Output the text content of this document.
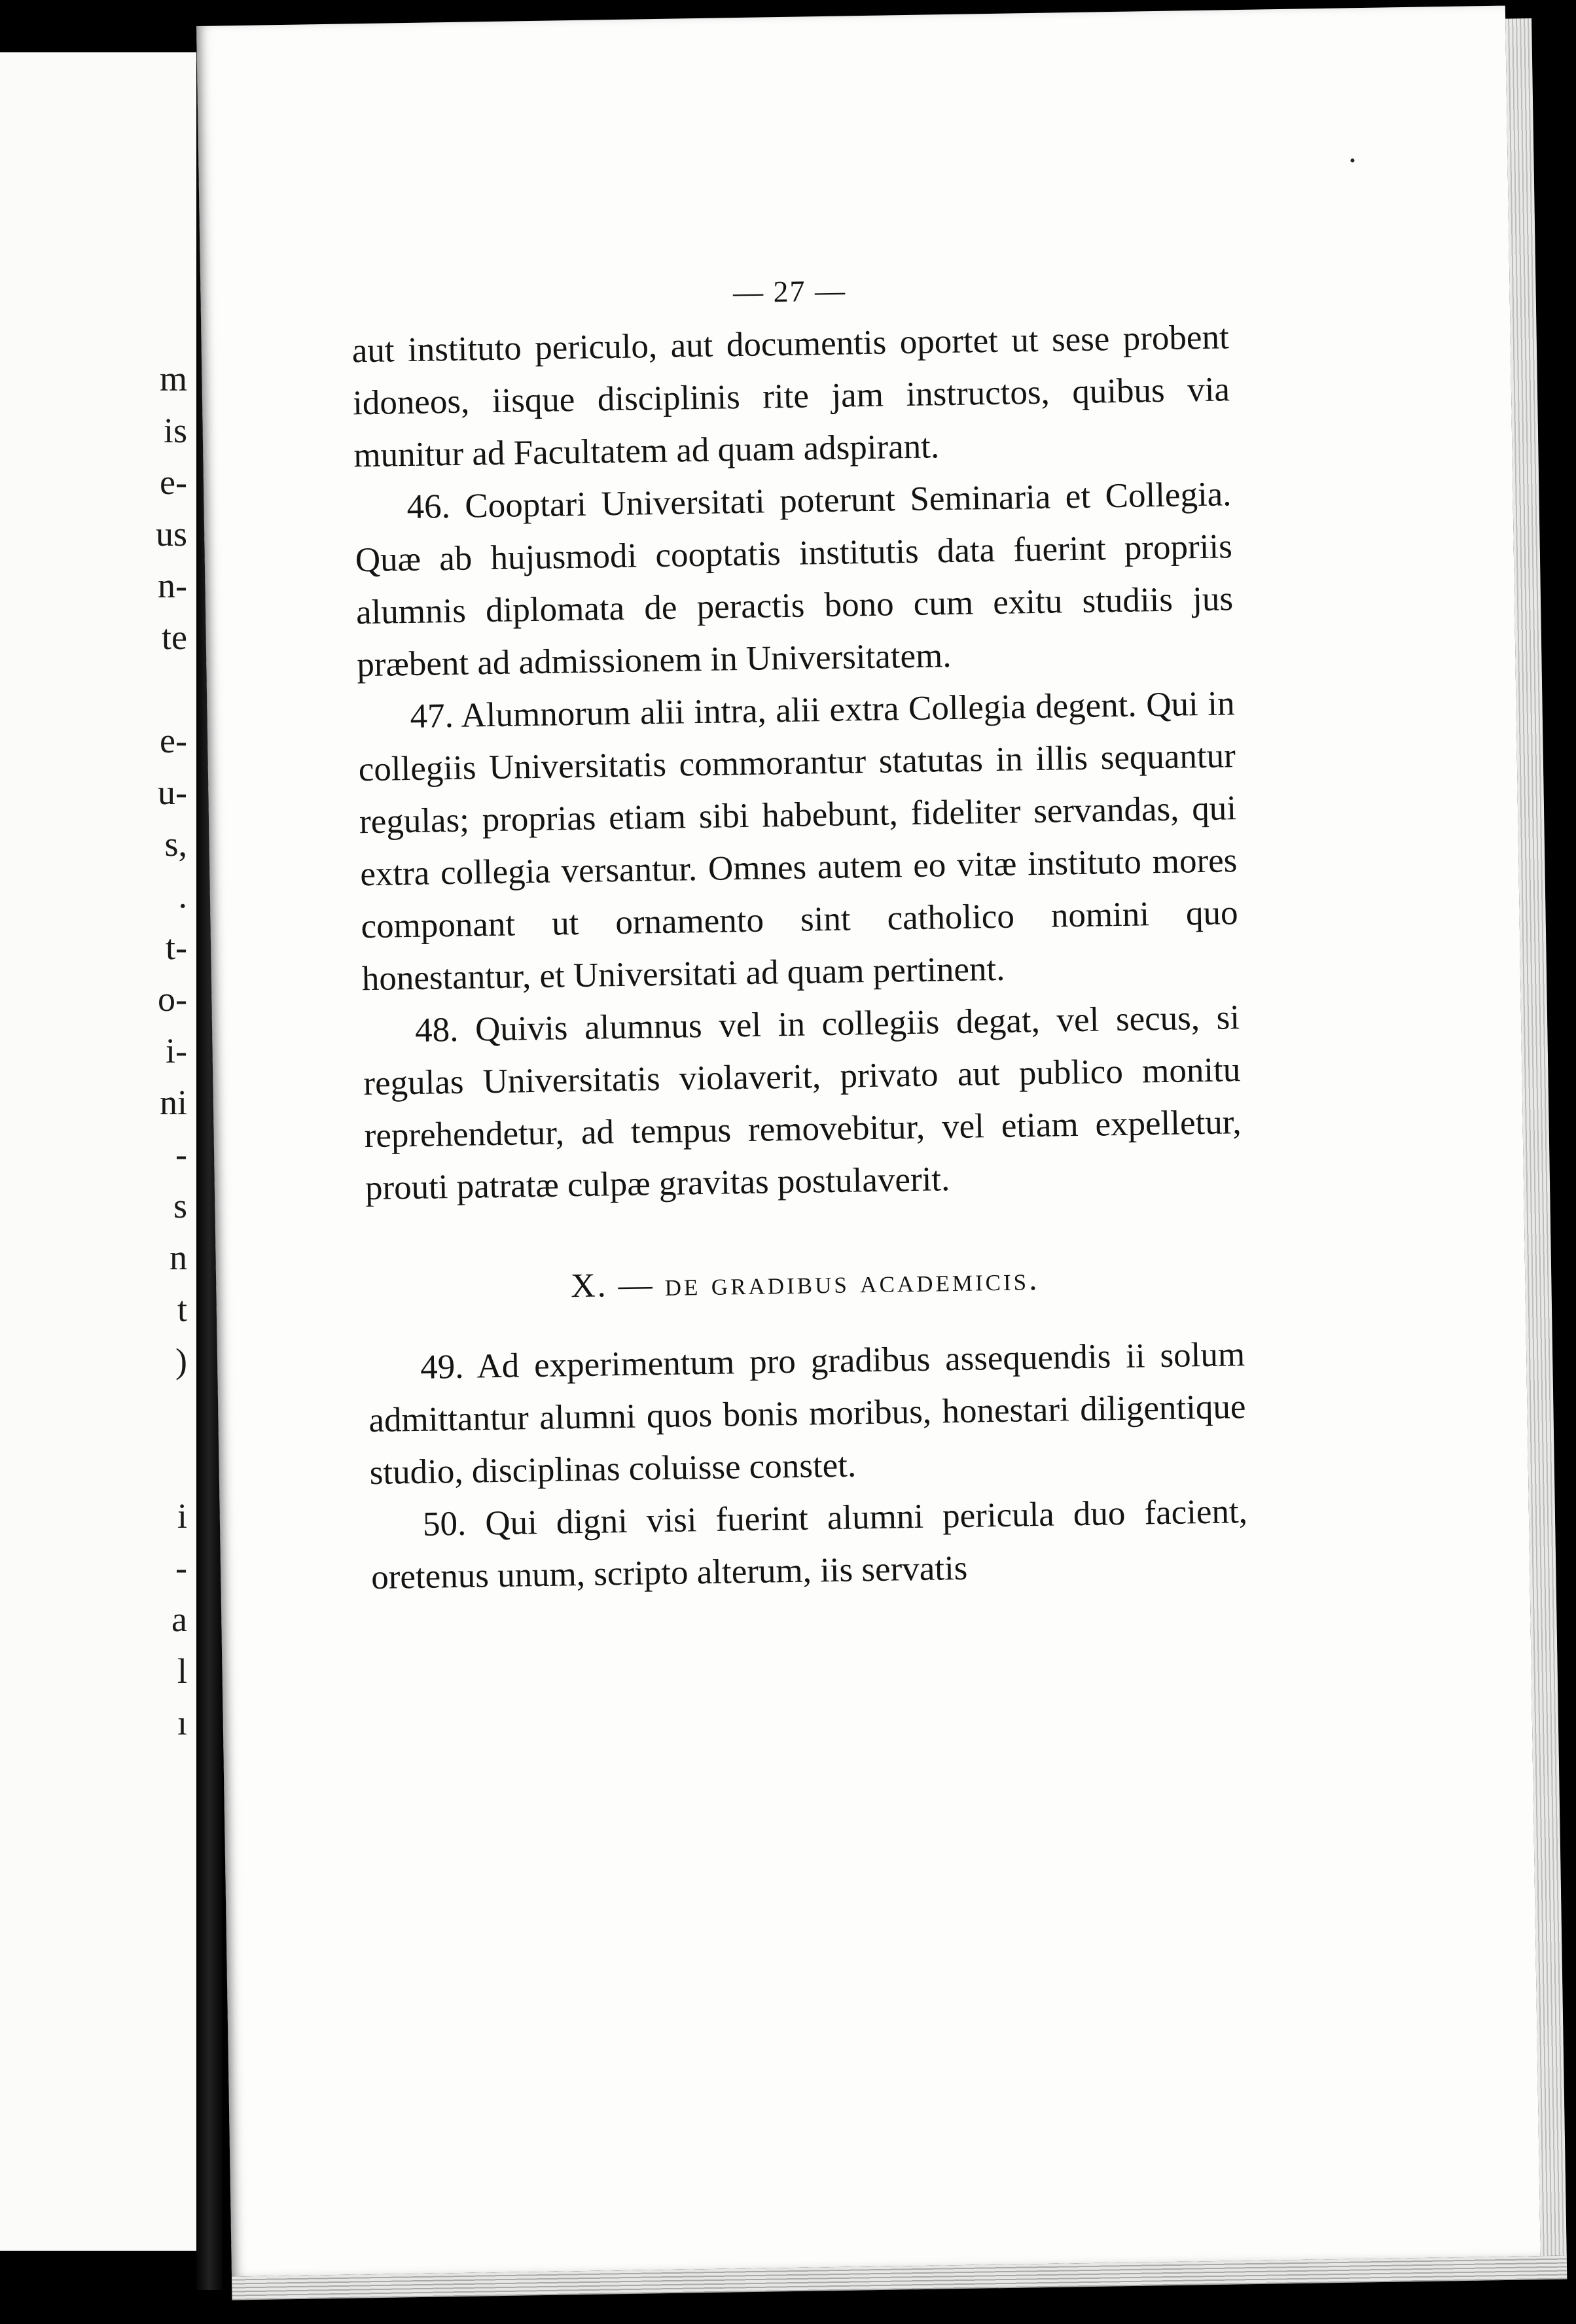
m
is
e-
us
n-
te
e-
u-
s,
.
t-
o-
i-
ni
-
s
n
t
)
i
-
a
l
ı
— 27 —

aut instituto periculo, aut documentis oportet ut sese probent idoneos, iisque disciplinis rite jam instructos, quibus via munitur ad Facultatem ad quam adspirant.

46. Cooptari Universitati poterunt Seminaria et Collegia. Quæ ab hujusmodi cooptatis institutis data fuerint propriis alumnis diplomata de peractis bono cum exitu studiis jus præbent ad admissionem in Universitatem.

47. Alumnorum alii intra, alii extra Collegia degent. Qui in collegiis Universitatis commorantur statutas in illis sequantur regulas; proprias etiam sibi habebunt, fideliter servandas, qui extra collegia versantur. Omnes autem eo vitæ instituto mores componant ut ornamento sint catholico nomini quo honestantur, et Universitati ad quam pertinent.

48. Quivis alumnus vel in collegiis degat, vel secus, si regulas Universitatis violaverit, privato aut publico monitu reprehendetur, ad tempus removebitur, vel etiam expelletur, prouti patratæ culpæ gravitas postulaverit.

X. — de gradibus academicis.

49. Ad experimentum pro gradibus assequendis ii solum admittantur alumni quos bonis moribus, honestari diligentique studio, disciplinas coluisse constet.

50. Qui digni visi fuerint alumni pericula duo facient, oretenus unum, scripto alterum, iis servatis
